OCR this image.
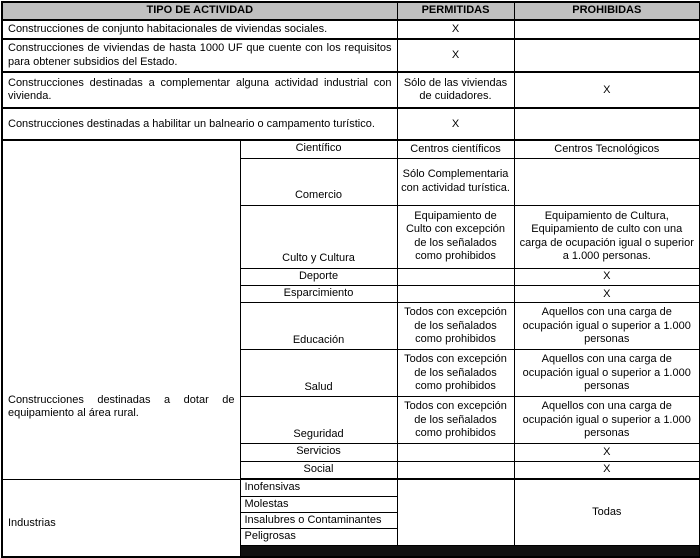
TIPO DE ACTIVIDAD		PERMITIDAS	PROHIBIDAS
Construcciones de conjunto habitacionales de viviendas sociales.		X	
Construcciones de viviendas de hasta 1000 UF que cuente con los requisitos para obtener subsidios del Estado.		X	
Construcciones destinadas a complementar alguna actividad industrial con vivienda.		Sólo de las viviendas de cuidadores.	X
Construcciones destinadas a habilitar un balneario o campamento turístico.		X	
Construcciones destinadas a dotar de equipamiento al área rural.	Científico	Centros científicos	Centros Tecnológicos
	Comercio	Sólo Complementaria con actividad turística.	
	Culto y Cultura	Equipamiento de Culto con excepción de los señalados como prohibidos	Equipamiento de Cultura, Equipamiento de culto con una carga de ocupación igual o superior a 1.000 personas.
	Deporte		X
	Esparcimiento		X
	Educación	Todos con excepción de los señalados como prohibidos	Aquellos con una carga de ocupación igual o superior a 1.000 personas
	Salud	Todos con excepción de los señalados como prohibidos	Aquellos con una carga de ocupación igual o superior a 1.000 personas
	Seguridad	Todos con excepción de los señalados como prohibidos	Aquellos con una carga de ocupación igual o superior a 1.000 personas
	Servicios		X
	Social		X
Industrias	Inofensivas		Todas
	Molestas		
	Insalubres o Contaminantes		
	Peligrosas		
